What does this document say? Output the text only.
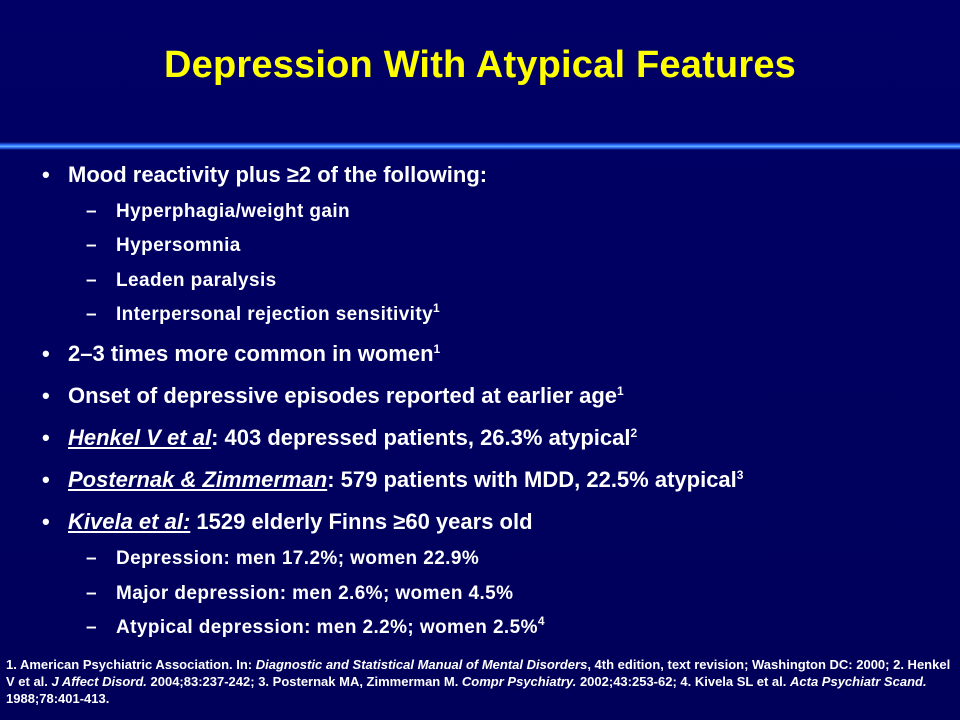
Depression With Atypical Features
• Mood reactivity plus ≥2 of the following:
– Hyperphagia/weight gain
– Hypersomnia
– Leaden paralysis
– Interpersonal rejection sensitivity$^1$
• 2–3 times more common in women$^1$
• Onset of depressive episodes reported at earlier age$^1$
• Henkel V et al: 403 depressed patients, 26.3% atypical$^2$
• Posternak & Zimmerman: 579 patients with MDD, 22.5% atypical$^3$
• Kivela et al: 1529 elderly Finns ≥60 years old
– Depression: men 17.2%; women 22.9%
– Major depression: men 2.6%; women 4.5%
– Atypical depression: men 2.2%; women 2.5%$^4$
1. American Psychiatric Association. In: Diagnostic and Statistical Manual of Mental Disorders, 4th edition, text revision; Washington DC: 2000; 2. Henkel V et al. J Affect Disord. 2004;83:237-242; 3. Posternak MA, Zimmerman M. Compr Psychiatry. 2002;43:253-62; 4. Kivela SL et al. Acta Psychiatr Scand. 1988;78:401-413.
